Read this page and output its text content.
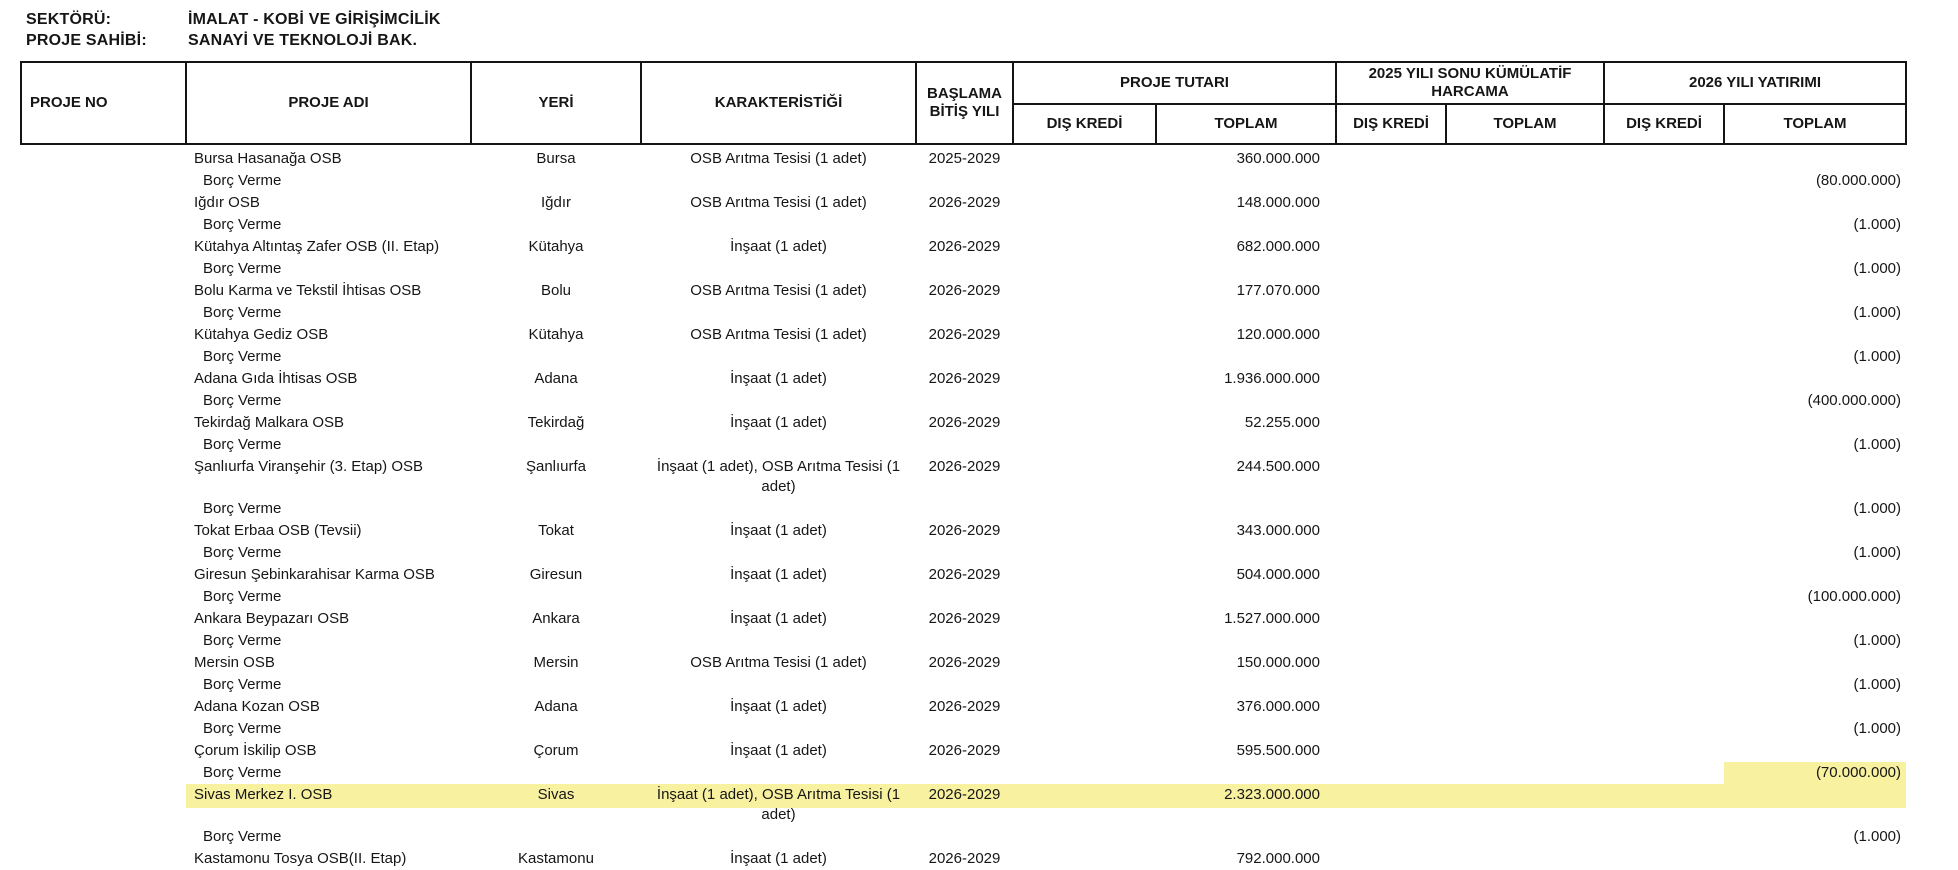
SEKTÖRÜ:	İMALAT - KOBİ VE GİRİŞİMCİLİK
PROJE SAHİBİ:	SANAYİ VE TEKNOLOJİ BAK.
PROJE NO	PROJE ADI	YERİ	KARAKTERİSTİĞİ	BAŞLAMA BİTİŞ YILI	PROJE TUTARI		2025 YILI SONU KÜMÜLATİF HARCAMA		2026 YILI YATIRIMI	
					DIŞ KREDİ	TOPLAM	DIŞ KREDİ	TOPLAM	DIŞ KREDİ	TOPLAM
	Bursa Hasanağa OSB	Bursa	OSB Arıtma Tesisi (1 adet)	2025-2029		360.000.000				
	Borç Verme									(80.000.000)
	Iğdır OSB	Iğdır	OSB Arıtma Tesisi (1 adet)	2026-2029		148.000.000				
	Borç Verme									(1.000)
	Kütahya Altıntaş Zafer OSB (II. Etap)	Kütahya	İnşaat (1 adet)	2026-2029		682.000.000				
	Borç Verme									(1.000)
	Bolu Karma ve Tekstil İhtisas OSB	Bolu	OSB Arıtma Tesisi (1 adet)	2026-2029		177.070.000				
	Borç Verme									(1.000)
	Kütahya Gediz OSB	Kütahya	OSB Arıtma Tesisi (1 adet)	2026-2029		120.000.000				
	Borç Verme									(1.000)
	Adana Gıda İhtisas OSB	Adana	İnşaat (1 adet)	2026-2029		1.936.000.000				
	Borç Verme									(400.000.000)
	Tekirdağ Malkara OSB	Tekirdağ	İnşaat (1 adet)	2026-2029		52.255.000				
	Borç Verme									(1.000)
	Şanlıurfa Viranşehir (3. Etap) OSB	Şanlıurfa	İnşaat (1 adet), OSB Arıtma Tesisi (1 adet)	2026-2029		244.500.000				
	Borç Verme									(1.000)
	Tokat Erbaa OSB (Tevsii)	Tokat	İnşaat (1 adet)	2026-2029		343.000.000				
	Borç Verme									(1.000)
	Giresun Şebinkarahisar Karma OSB	Giresun	İnşaat (1 adet)	2026-2029		504.000.000				
	Borç Verme									(100.000.000)
	Ankara Beypazarı OSB	Ankara	İnşaat (1 adet)	2026-2029		1.527.000.000				
	Borç Verme									(1.000)
	Mersin OSB	Mersin	OSB Arıtma Tesisi (1 adet)	2026-2029		150.000.000				
	Borç Verme									(1.000)
	Adana Kozan OSB	Adana	İnşaat (1 adet)	2026-2029		376.000.000				
	Borç Verme									(1.000)
	Çorum İskilip OSB	Çorum	İnşaat (1 adet)	2026-2029		595.500.000				
	Borç Verme									(70.000.000)
	Sivas Merkez I. OSB	Sivas	İnşaat (1 adet), OSB Arıtma Tesisi (1 adet)	2026-2029		2.323.000.000				
	Borç Verme									(1.000)
	Kastamonu Tosya OSB(II. Etap)	Kastamonu	İnşaat (1 adet)	2026-2029		792.000.000				
